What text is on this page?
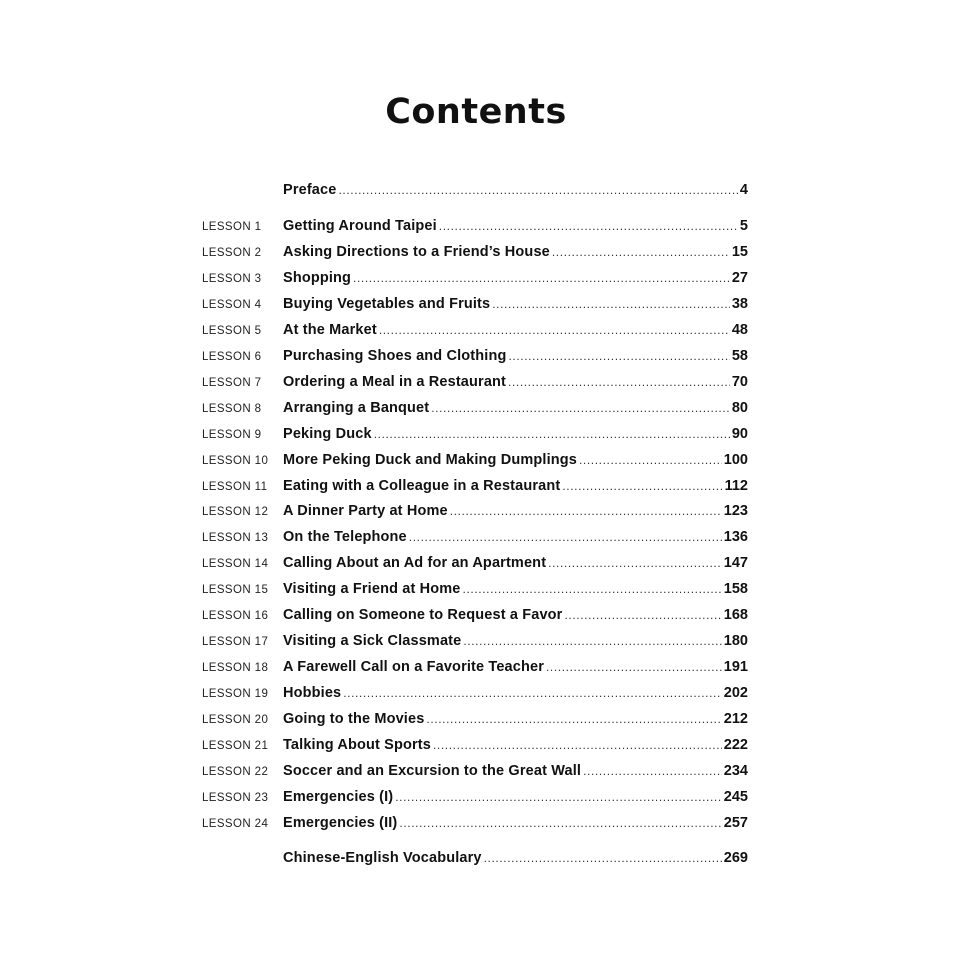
Contents
Preface .....	4
LESSON 1	Getting Around Taipei .....	5
LESSON 2	Asking Directions to a Friend’s House .....	15
LESSON 3	Shopping .....	27
LESSON 4	Buying Vegetables and Fruits .....	38
LESSON 5	At the Market .....	48
LESSON 6	Purchasing Shoes and Clothing .....	58
LESSON 7	Ordering a Meal in a Restaurant .....	70
LESSON 8	Arranging a Banquet .....	80
LESSON 9	Peking Duck .....	90
LESSON 10	More Peking Duck and Making Dumplings .....	100
LESSON 11	Eating with a Colleague in a Restaurant .....	112
LESSON 12	A Dinner Party at Home .....	123
LESSON 13	On the Telephone .....	136
LESSON 14	Calling About an Ad for an Apartment .....	147
LESSON 15	Visiting a Friend at Home .....	158
LESSON 16	Calling on Someone to Request a Favor .....	168
LESSON 17	Visiting a Sick Classmate .....	180
LESSON 18	A Farewell Call on a Favorite Teacher .....	191
LESSON 19	Hobbies .....	202
LESSON 20	Going to the Movies .....	212
LESSON 21	Talking About Sports .....	222
LESSON 22	Soccer and an Excursion to the Great Wall .....	234
LESSON 23	Emergencies (I) .....	245
LESSON 24	Emergencies (II) .....	257
Chinese-English Vocabulary .....	269
